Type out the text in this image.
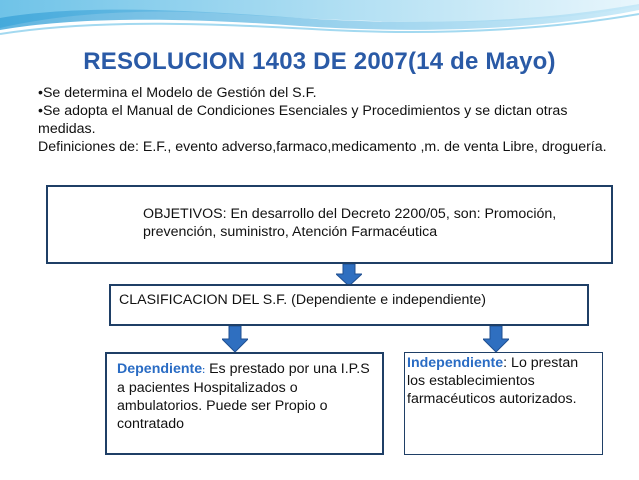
RESOLUCION 1403 DE 2007(14 de Mayo)

•Se determina el Modelo de Gestión del S.F.

•Se adopta el Manual de Condiciones Esenciales y Procedimientos y se dictan otras medidas.

Definiciones de: E.F., evento adverso,farmaco,medicamento ,m. de venta Libre, droguería.

OBJETIVOS: En desarrollo del Decreto 2200/05, son: Promoción, prevención, suministro, Atención Farmacéutica
CLASIFICACION DEL S.F. (Dependiente e independiente)
Dependiente: Es prestado por una I.P.S a pacientes Hospitalizados o ambulatorios. Puede ser Propio o contratado
Independiente: Lo prestan los establecimientos farmacéuticos autorizados.
